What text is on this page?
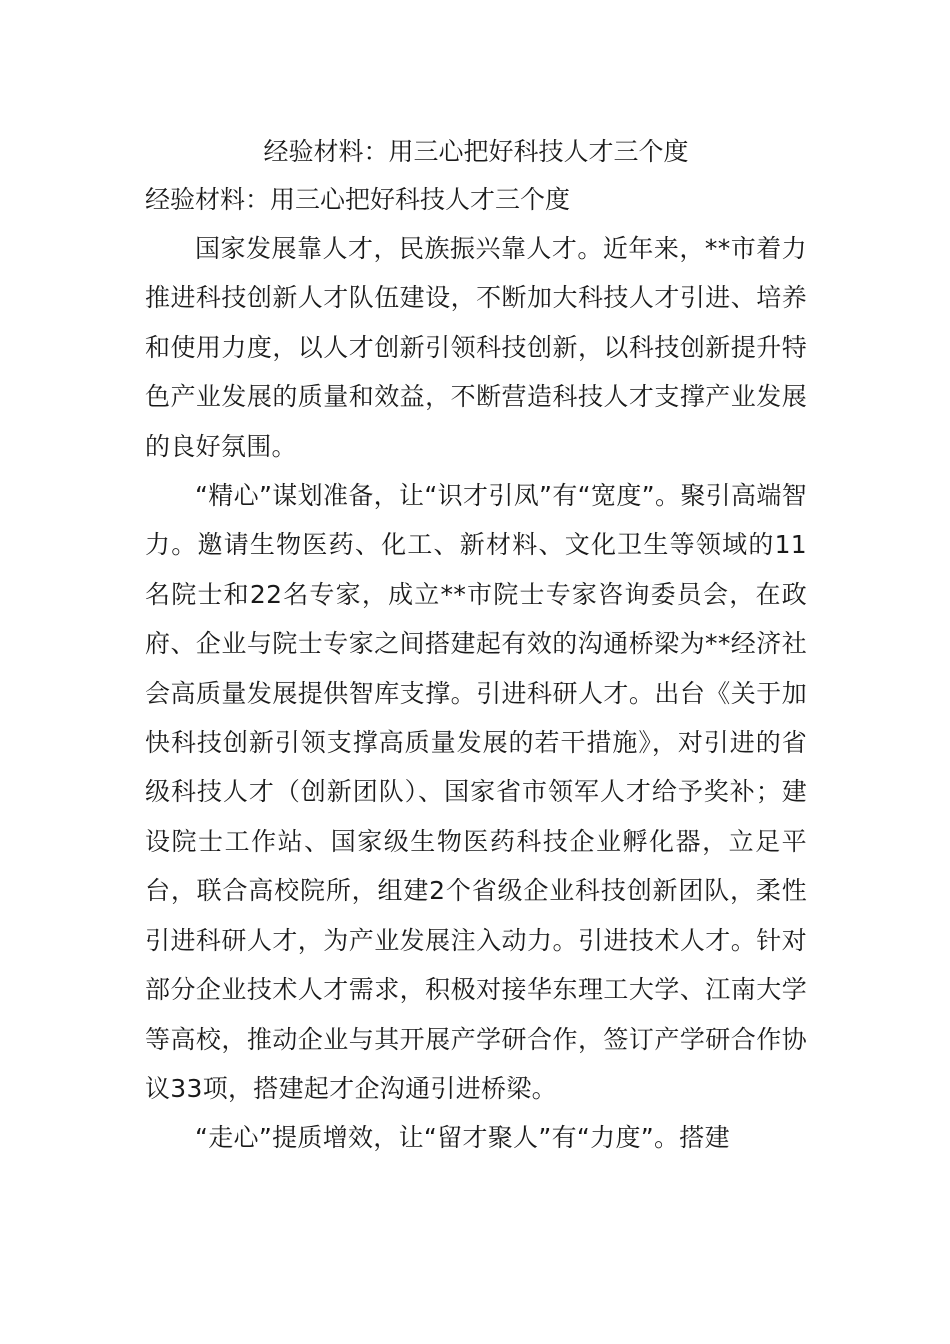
经验材料：用三心把好科技人才三个度
经验材料：用三心把好科技人才三个度

国家发展靠人才，民族振兴靠人才。近年来，**市着力推进科技创新人才队伍建设，不断加大科技人才引进、培养和使用力度，以人才创新引领科技创新，以科技创新提升特色产业发展的质量和效益，不断营造科技人才支撑产业发展的良好氛围。

“精心”谋划准备，让“识才引凤”有“宽度”。聚引高端智力。邀请生物医药、化工、新材料、文化卫生等领域的11名院士和22名专家，成立**市院士专家咨询委员会，在政府、企业与院士专家之间搭建起有效的沟通桥梁为**经济社会高质量发展提供智库支撑。引进科研人才。出台《关于加快科技创新引领支撑高质量发展的若干措施》，对引进的省级科技人才（创新团队）、国家省市领军人才给予奖补；建设院士工作站、国家级生物医药科技企业孵化器，立足平台，联合高校院所，组建2个省级企业科技创新团队，柔性引进科研人才，为产业发展注入动力。引进技术人才。针对部分企业技术人才需求，积极对接华东理工大学、江南大学等高校，推动企业与其开展产学研合作，签订产学研合作协议33项，搭建起才企沟通引进桥梁。

“走心”提质增效，让“留才聚人”有“力度”。搭建
